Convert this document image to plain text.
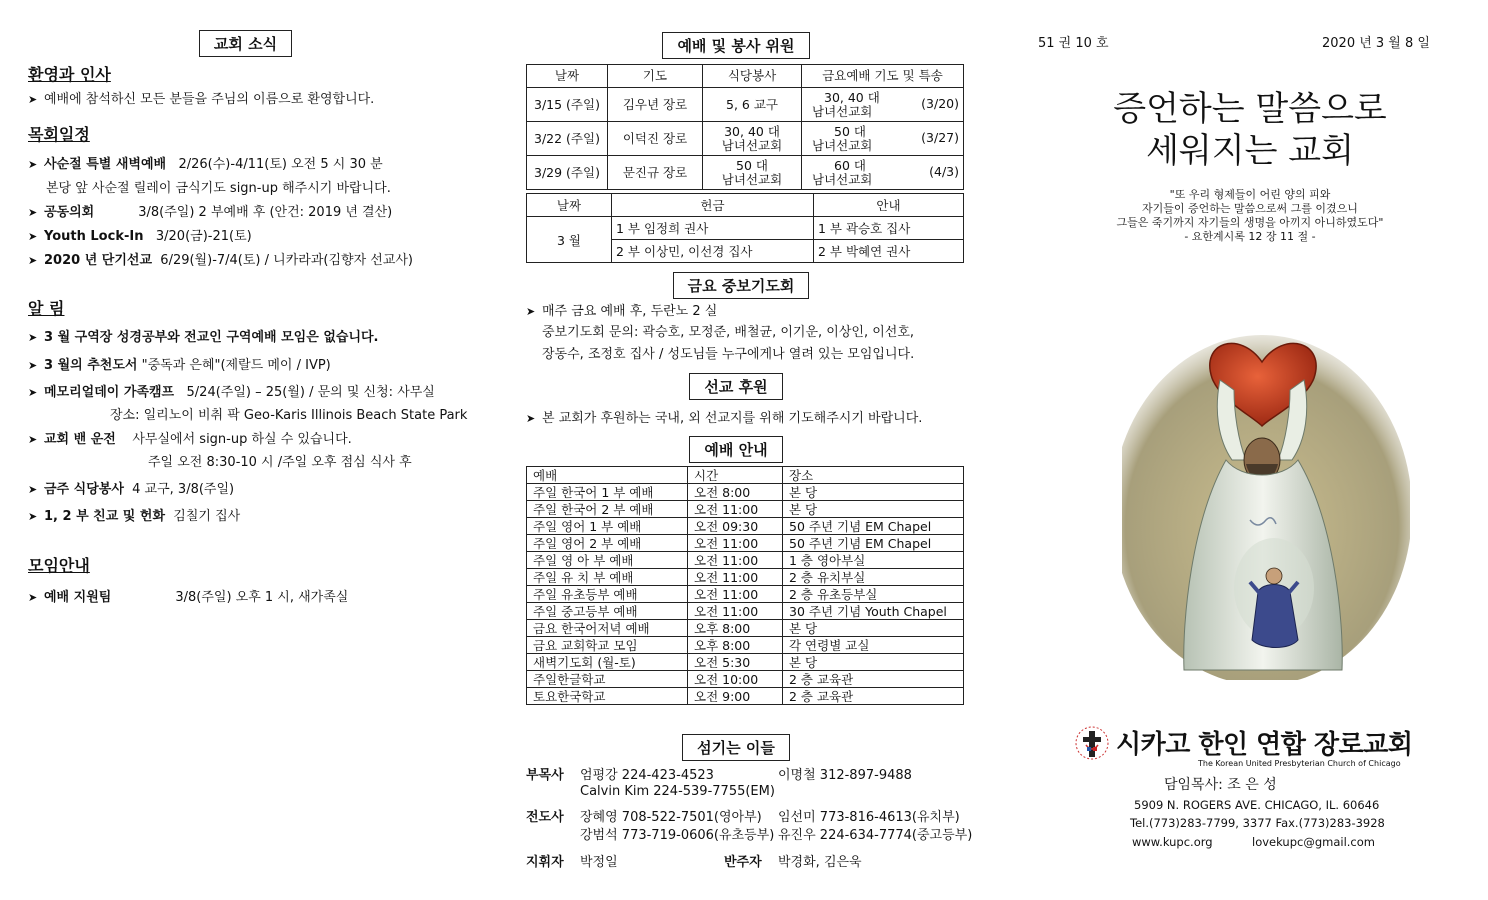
교회 소식
환영과 인사
➤ 예배에 참석하신 모든 분들을 주님의 이름으로 환영합니다.
목회일정
➤ 사순절 특별 새벽예배 2/26(수)-4/11(토) 오전 5 시 30 분
본당 앞 사순절 릴레이 금식기도 sign-up 해주시기 바랍니다.
➤ 공동의회	3/8(주일) 2 부예배 후 (안건: 2019 년 결산)
➤ Youth Lock-In 3/20(금)-21(토)
➤ 2020 년 단기선교 6/29(월)-7/4(토) / 니카라과(김향자 선교사)
알 림
➤ 3 월 구역장 성경공부와 전교인 구역예배 모임은 없습니다.
➤ 3 월의 추천도서 "중독과 은혜"(제랄드 메이 / IVP)
➤ 메모리얼데이 가족캠프 5/24(주일) – 25(월) / 문의 및 신청: 사무실
장소: 일리노이 비취 팍 Geo-Karis Illinois Beach State Park
➤ 교회 밴 운전 사무실에서 sign-up 하실 수 있습니다.
주일 오전 8:30-10 시 /주일 오후 점심 식사 후
➤ 금주 식당봉사 4 교구, 3/8(주일)
➤ 1, 2 부 친교 및 헌화 김칠기 집사
모임안내
➤ 예배 지원팀	3/8(주일) 오후 1 시, 새가족실
예배 및 봉사 위원
날짜	기도	식당봉사	금요예배 기도 및 특송
3/15 (주일)	김우년 장로	5, 6 교구	30, 40 대
남녀선교회 (3/20)

3/22 (주일)	이덕진 장로	30, 40 대
남녀선교회	50 대
남녀선교회 (3/27)

3/29 (주일)	문진규 장로	50 대
남녀선교회	60 대
남녀선교회 (4/3)
날짜	헌금	안내
3 월	1 부 임정희 권사	1 부 곽승호 집사
	2 부 이상민, 이선경 집사	2 부 박혜연 권사
금요 중보기도회
➤ 매주 금요 예배 후, 두란노 2 실
중보기도회 문의: 곽승호, 모정준, 배철균, 이기운, 이상인, 이선호,
장동수, 조정호 집사 / 성도님들 누구에게나 열려 있는 모임입니다.
선교 후원
➤ 본 교회가 후원하는 국내, 외 선교지를 위해 기도해주시기 바랍니다.
예배 안내
예배	시간	장소
주일 한국어 1 부 예배	오전 8:00	본 당
주일 한국어 2 부 예배	오전 11:00	본 당
주일 영어 1 부 예배	오전 09:30	50 주년 기념 EM Chapel
주일 영어 2 부 예배	오전 11:00	50 주년 기념 EM Chapel
주일 영 아 부 예배	오전 11:00	1 층 영아부실
주일 유 치 부 예배	오전 11:00	2 층 유치부실
주일 유초등부 예배	오전 11:00	2 층 유초등부실
주일 중고등부 예배	오전 11:00	30 주년 기념 Youth Chapel
금요 한국어저녁 예배	오후 8:00	본 당
금요 교회학교 모임	오후 8:00	각 연령별 교실
새벽기도회 (월-토)	오전 5:30	본 당
주일한글학교	오전 10:00	2 층 교육관
토요한국학교	오전 9:00	2 층 교육관
섬기는 이들
부목사 엄평강 224-423-4523	이명철 312-897-9488
Calvin Kim 224-539-7755(EM)
전도사 장혜영 708-522-7501(영아부) 임선미 773-816-4613(유치부)
강범석 773-719-0606(유초등부) 유진우 224-634-7774(중고등부)
지휘자 박정일	반주자 박경화, 김은욱
51 권 10 호	2020 년 3 월 8 일
증언하는 말씀으로
세워지는 교회
"또 우리 형제들이 어린 양의 피와
자기들이 증언하는 말씀으로써 그를 이겼으니
그들은 죽기까지 자기들의 생명을 아끼지 아니하였도다"
- 요한계시록 12 장 11 절 -
시카고 한인 연합 장로교회
The Korean United Presbyterian Church of Chicago
담임목사: 조 은 성
5909 N. ROGERS AVE. CHICAGO, IL. 60646
Tel.(773)283-7799, 3377 Fax.(773)283-3928
www.kupc.org	lovekupc@gmail.com
